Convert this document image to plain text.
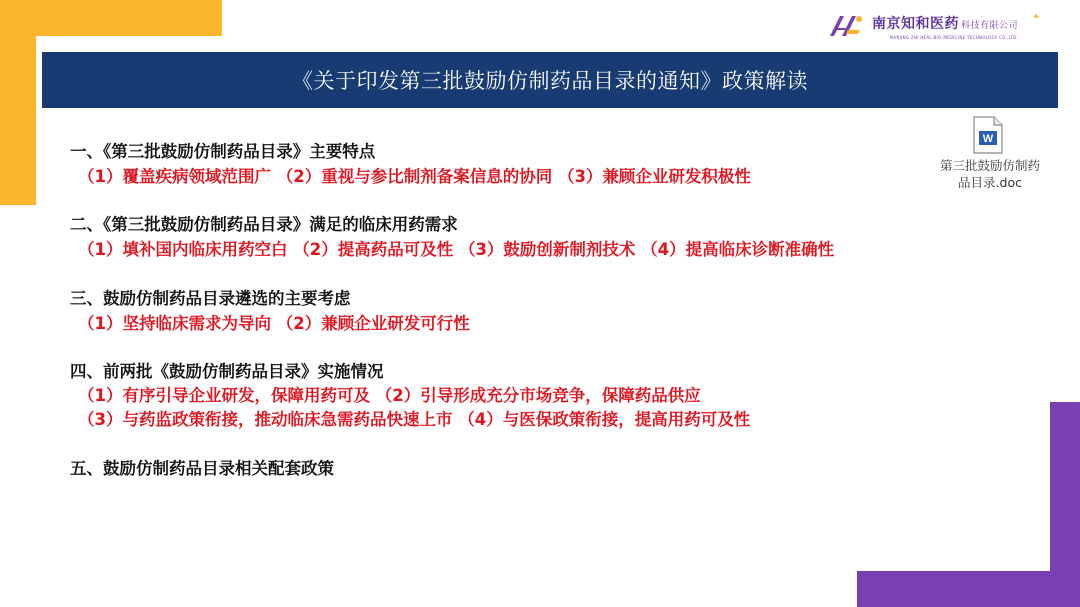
南京知和医药 科技有限公司
NANJING ZHI HEAL BIO-MEDICINE TECHNOLOGY CO.,LTD
✦
《关于印发第三批鼓励仿制药品目录的通知》政策解读
一、《第三批鼓励仿制药品目录》主要特点
（1）覆盖疾病领域范围广 （2）重视与参比制剂备案信息的协同 （3）兼顾企业研发积极性
二、《第三批鼓励仿制药品目录》满足的临床用药需求
（1）填补国内临床用药空白 （2）提高药品可及性 （3）鼓励创新制剂技术 （4）提高临床诊断准确性
三、鼓励仿制药品目录遴选的主要考虑
（1）坚持临床需求为导向 （2）兼顾企业研发可行性
四、前两批《鼓励仿制药品目录》实施情况
（1）有序引导企业研发，保障用药可及 （2）引导形成充分市场竞争，保障药品供应
（3）与药监政策衔接，推动临床急需药品快速上市 （4）与医保政策衔接，提高用药可及性
五、鼓励仿制药品目录相关配套政策
W
第三批鼓励仿制药品目录.doc
